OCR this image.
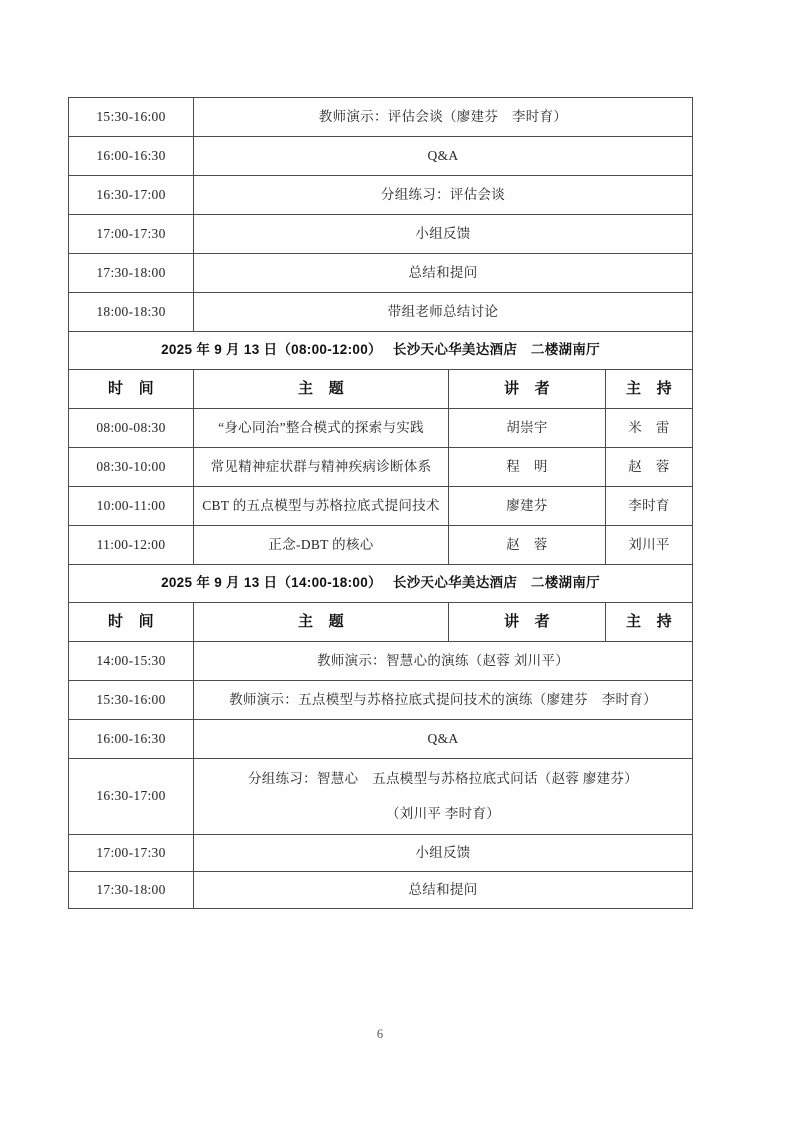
15:30-16:00	教师演示：评估会谈（廖建芬　李时育）		
16:00-16:30	Q&A		
16:30-17:00	分组练习：评估会谈		
17:00-17:30	小组反馈		
17:30-18:00	总结和提问		
18:00-18:30	带组老师总结讨论		
2025 年 9 月 13 日（08:00-12:00）　 长沙天心华美达酒店　二楼湖南厅			
时　间	主　题	讲　者	主　持
08:00-08:30	“身心同治”整合模式的探索与实践	胡崇宇	米　雷
08:30-10:00	常见精神症状群与精神疾病诊断体系	程　明	赵　蓉
10:00-11:00	CBT 的五点模型与苏格拉底式提问技术	廖建芬	李时育
11:00-12:00	正念-DBT 的核心	赵　蓉	刘川平
2025 年 9 月 13 日（14:00-18:00）　 长沙天心华美达酒店　二楼湖南厅			
时　间	主　题	讲　者	主　持
14:00-15:30	教师演示：智慧心的演练（赵蓉 刘川平）		
15:30-16:00	教师演示：五点模型与苏格拉底式提问技术的演练（廖建芬　李时育）		
16:00-16:30	Q&A		
16:30-17:00	分组练习：智慧心　五点模型与苏格拉底式问话（赵蓉 廖建芬）
（刘川平 李时育）		

17:00-17:30	小组反馈		
17:30-18:00	总结和提问		
6
